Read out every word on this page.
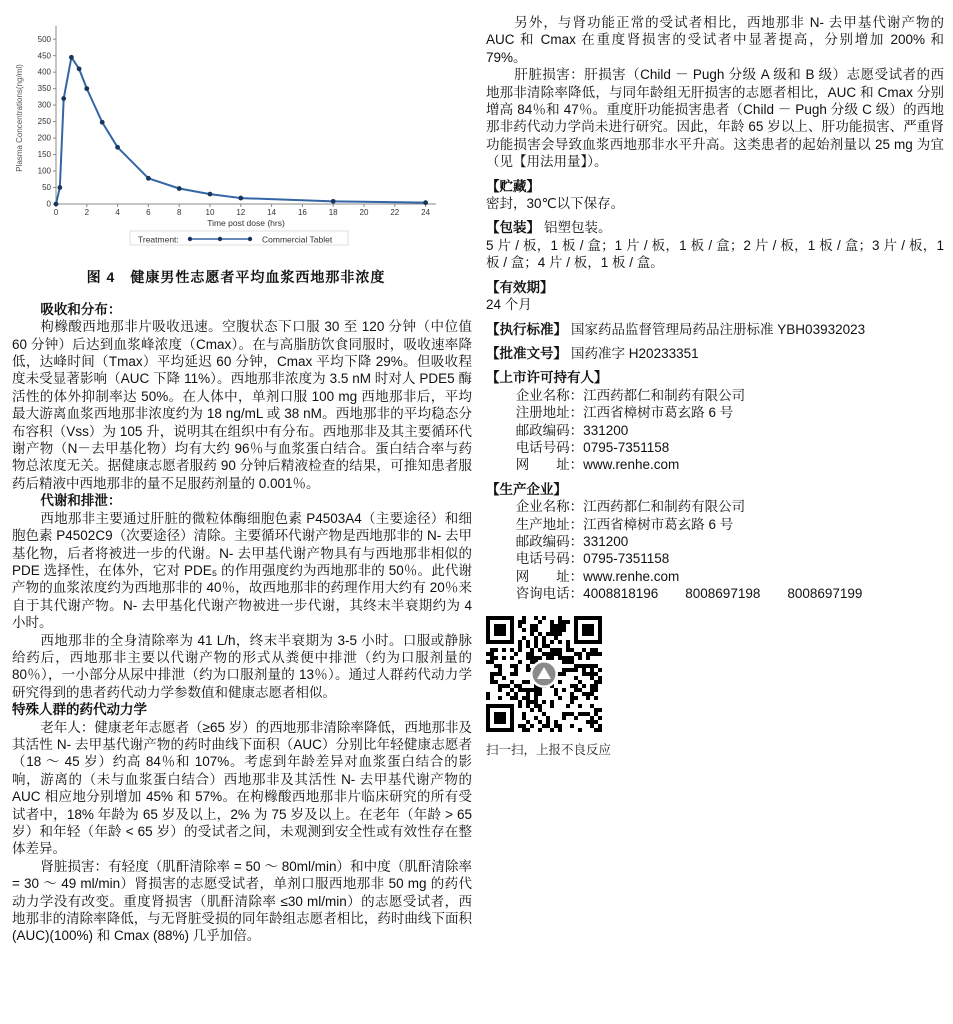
0
50
100
150
200
250
300
350
400
450
500
0	2	4	6	8	10	12	14	16	18	20	22	24
Plasma Concentrations(ng/ml)
Time post dose (hrs)
Treatment:	Commercial Tablet
图 4　健康男性志愿者平均血浆西地那非浓度

吸收和分布：

枸橼酸西地那非片吸收迅速。空腹状态下口服 30 至 120 分钟（中位值 60 分钟）后达到血浆峰浓度（Cmax）。在与高脂肪饮食同服时，吸收速率降低，达峰时间（Tmax）平均延迟 60 分钟，Cmax 平均下降 29%。但吸收程度未受显著影响（AUC 下降 11%）。西地那非浓度为 3.5 nM 时对人 PDE5 酶活性的体外抑制率达 50%。在人体中，单剂口服 100 mg 西地那非后，平均最大游离血浆西地那非浓度约为 18 ng/mL 或 38 nM。西地那非的平均稳态分布容积（Vss）为 105 升，说明其在组织中有分布。西地那非及其主要循环代谢产物（N－去甲基化物）均有大约 96％与血浆蛋白结合。蛋白结合率与药物总浓度无关。据健康志愿者服药 90 分钟后精液检查的结果，可推知患者服药后精液中西地那非的量不足服药剂量的 0.001％。

代谢和排泄：

西地那非主要通过肝脏的微粒体酶细胞色素 P4503A4（主要途径）和细胞色素 P4502C9（次要途径）清除。主要循环代谢产物是西地那非的 N- 去甲基化物，后者将被进一步的代谢。N- 去甲基代谢产物具有与西地那非相似的 PDE 选择性，在体外，它对 PDE₅ 的作用强度约为西地那非的 50％。此代谢产物的血浆浓度约为西地那非的 40％，故西地那非的药理作用大约有 20％来自于其代谢产物。N- 去甲基化代谢产物被进一步代谢，其终末半衰期约为 4 小时。

西地那非的全身清除率为 41 L/h，终末半衰期为 3-5 小时。口服或静脉给药后，西地那非主要以代谢产物的形式从粪便中排泄（约为口服剂量的 80％），一小部分从尿中排泄（约为口服剂量的 13％）。通过人群药代动力学研究得到的患者药代动力学参数值和健康志愿者相似。

特殊人群的药代动力学

老年人：健康老年志愿者（≥65 岁）的西地那非清除率降低，西地那非及其活性 N- 去甲基代谢产物的药时曲线下面积（AUC）分别比年轻健康志愿者（18 ～ 45 岁）约高 84％和 107%。考虑到年龄差异对血浆蛋白结合的影响，游离的（未与血浆蛋白结合）西地那非及其活性 N- 去甲基代谢产物的 AUC 相应地分别增加 45% 和 57%。在枸橼酸西地那非片临床研究的所有受试者中，18% 年龄为 65 岁及以上，2% 为 75 岁及以上。在老年（年龄 > 65 岁）和年轻（年龄 < 65 岁）的受试者之间，未观测到安全性或有效性存在整体差异。

肾脏损害：有轻度（肌酐清除率 = 50 ～ 80ml/min）和中度（肌酐清除率 = 30 ～ 49 ml/min）肾损害的志愿受试者，单剂口服西地那非 50 mg 的药代动力学没有改变。重度肾损害（肌酐清除率 ≤30 ml/min）的志愿受试者，西地那非的清除率降低，与无肾脏受损的同年龄组志愿者相比，药时曲线下面积(AUC)(100%) 和 Cmax (88%) 几乎加倍。

另外，与肾功能正常的受试者相比，西地那非 N- 去甲基代谢产物的 AUC 和 Cmax 在重度肾损害的受试者中显著提高，分别增加 200% 和 79%。

肝脏损害：肝损害（Child － Pugh 分级 A 级和 B 级）志愿受试者的西地那非清除率降低，与同年龄组无肝损害的志愿者相比，AUC 和 Cmax 分别增高 84％和 47％。重度肝功能损害患者（Child － Pugh 分级 C 级）的西地那非药代动力学尚未进行研究。因此，年龄 65 岁以上、肝功能损害、严重肾功能损害会导致血浆西地那非水平升高。这类患者的起始剂量以 25 mg 为宜（见【用法用量】）。

【贮藏】

密封，30℃以下保存。

【包装】 铝塑包装。

5 片 / 板，1 板 / 盒；1 片 / 板，1 板 / 盒；2 片 / 板，1 板 / 盒；3 片 / 板，1 板 / 盒；4 片 / 板，1 板 / 盒。

【有效期】

24 个月

【执行标准】 国家药品监督管理局药品注册标准 YBH03932023

【批准文号】 国药准字 H20233351

【上市许可持有人】

企业名称：江西药都仁和制药有限公司

注册地址：江西省樟树市葛玄路 6 号

邮政编码：331200

电话号码：0795-7351158

网　　址：www.renhe.com

【生产企业】

企业名称：江西药都仁和制药有限公司

生产地址：江西省樟树市葛玄路 6 号

邮政编码：331200

电话号码：0795-7351158

网　　址：www.renhe.com

咨询电话：4008818196　　8008697198　　8008697199

扫一扫，上报不良反应
